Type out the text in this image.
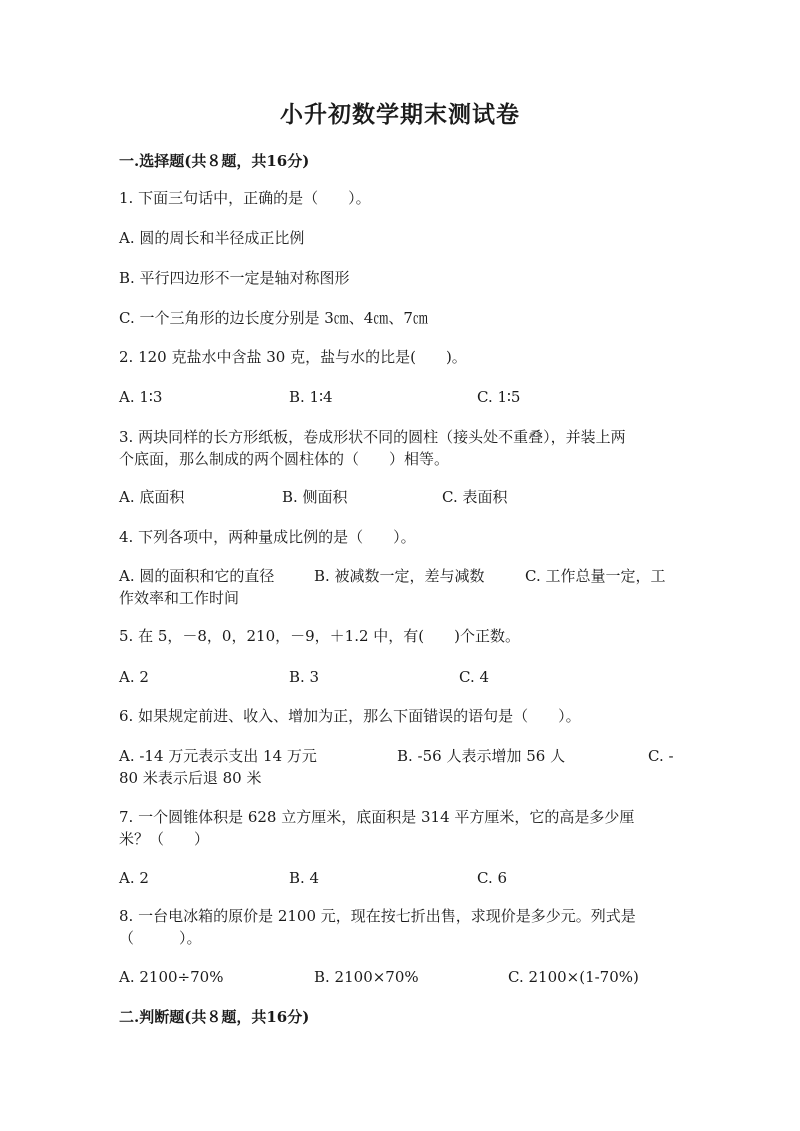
小升初数学期末测试卷
一.选择题(共８题，共16分)
1. 下面三句话中，正确的是（　　）。
A. 圆的周长和半径成正比例
B. 平行四边形不一定是轴对称图形
C. 一个三角形的边长度分别是 3㎝、4㎝、7㎝
2. 120 克盐水中含盐 30 克，盐与水的比是(　　)。
A. 1∶3	B. 1∶4	C. 1∶5
3. 两块同样的长方形纸板，卷成形状不同的圆柱（接头处不重叠），并装上两
个底面，那么制成的两个圆柱体的（　　）相等。
A. 底面积	B. 侧面积	C. 表面积
4. 下列各项中，两种量成比例的是（　　）。
A. 圆的面积和它的直径	B. 被减数一定，差与减数	C. 工作总量一定，工
作效率和工作时间
5. 在 5，－8，0，210，－9，＋1.2 中，有(　　)个正数。
A. 2	B. 3	C. 4
6. 如果规定前进、收入、增加为正，那么下面错误的语句是（　　）。
A. -14 万元表示支出 14 万元	B. -56 人表示增加 56 人	C. -
80 米表示后退 80 米
7. 一个圆锥体积是 628 立方厘米，底面积是 314 平方厘米，它的高是多少厘
米？（　　）
A. 2	B. 4	C. 6
8. 一台电冰箱的原价是 2100 元，现在按七折出售，求现价是多少元。列式是
（　　　）。
A. 2100÷70%	B. 2100×70%	C. 2100×(1-70%)
二.判断题(共８题，共16分)
